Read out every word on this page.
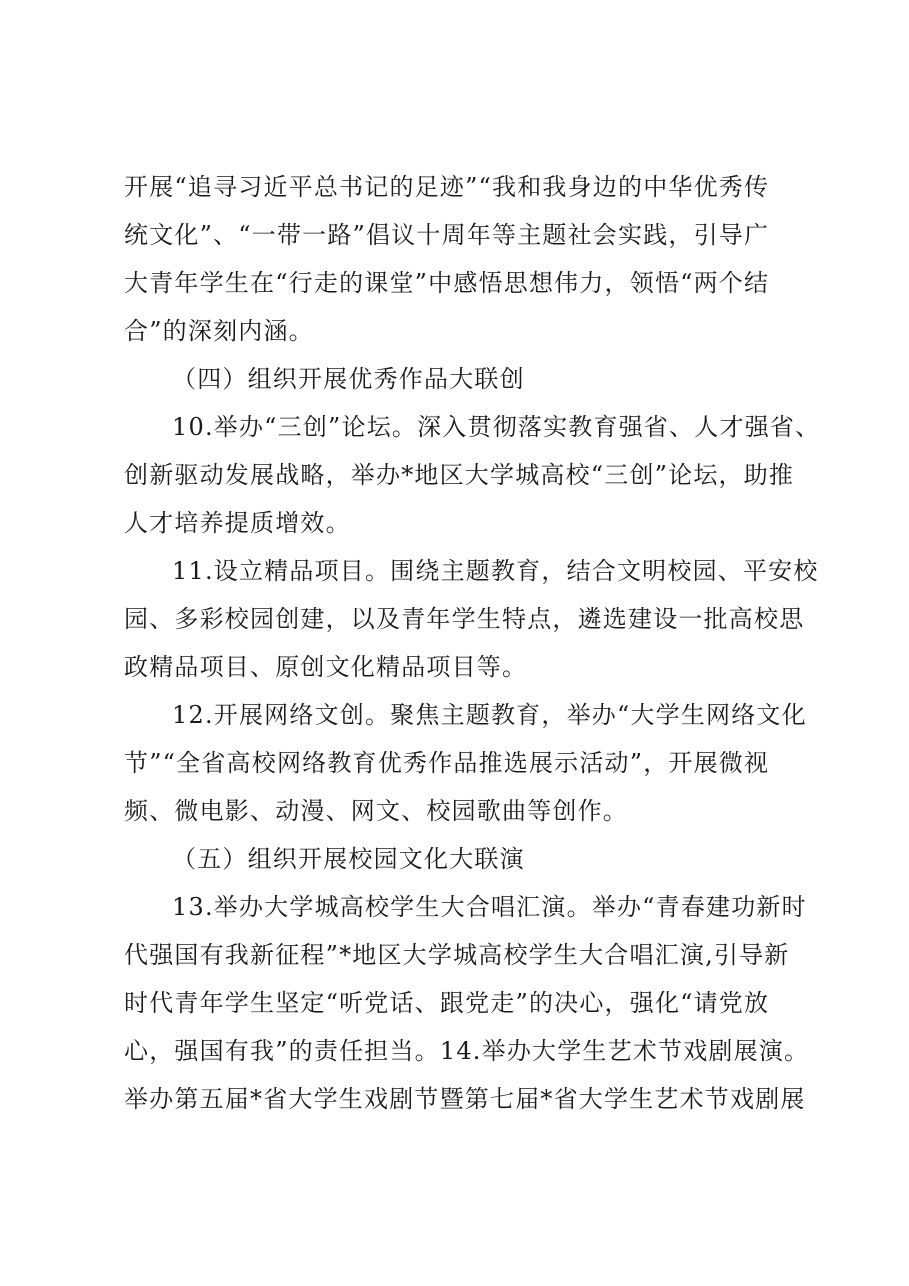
开展“追寻习近平总书记的足迹”“我和我身边的中华优秀传
统文化”、“一带一路”倡议十周年等主题社会实践，引导广
大青年学生在“行走的课堂”中感悟思想伟力，领悟“两个结
合”的深刻内涵。
（四）组织开展优秀作品大联创
10.举办“三创”论坛。深入贯彻落实教育强省、人才强省、
创新驱动发展战略，举办*地区大学城高校“三创”论坛，助推
人才培养提质增效。
11.设立精品项目。围绕主题教育，结合文明校园、平安校
园、多彩校园创建，以及青年学生特点，遴选建设一批高校思
政精品项目、原创文化精品项目等。
12.开展网络文创。聚焦主题教育，举办“大学生网络文化
节”“全省高校网络教育优秀作品推选展示活动”，开展微视
频、微电影、动漫、网文、校园歌曲等创作。
（五）组织开展校园文化大联演
13.举办大学城高校学生大合唱汇演。举办“青春建功新时
代强国有我新征程”*地区大学城高校学生大合唱汇演,引导新
时代青年学生坚定“听党话、跟党走”的决心，强化“请党放
心，强国有我”的责任担当。14.举办大学生艺术节戏剧展演。
举办第五届*省大学生戏剧节暨第七届*省大学生艺术节戏剧展
